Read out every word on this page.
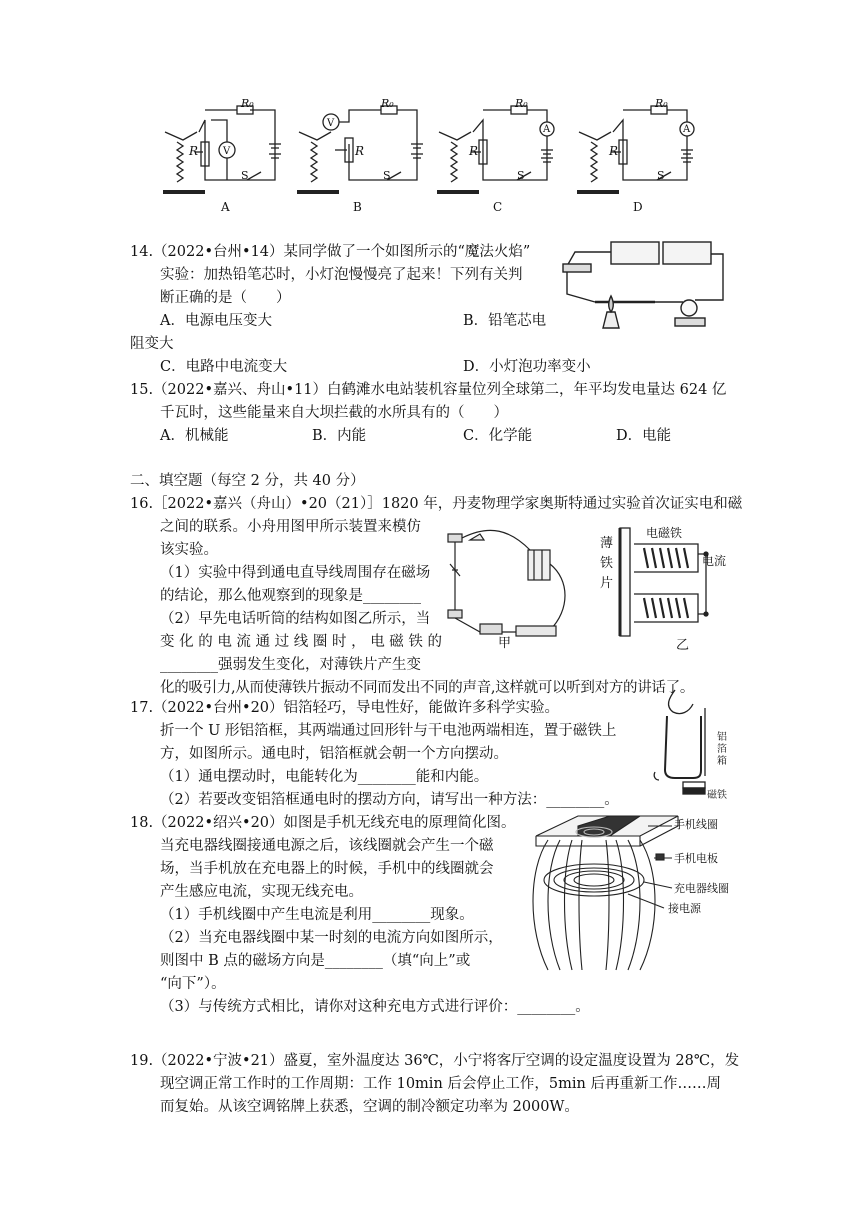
A	B	C	D
R₀	R₀	R₀	R₀
R	R	R	R
V
V
A	A
S	S	S	S
14.（2022•台州•14）某同学做了一个如图所示的“魔法火焰”
实验：加热铅笔芯时，小灯泡慢慢亮了起来！下列有关判
断正确的是（　　）
A．电源电压变大	B．铅笔芯电
阻变大
C．电路中电流变大	D．小灯泡功率变小
15.（2022•嘉兴、舟山•11）白鹤滩水电站装机容量位列全球第二，年平均发电量达 624 亿
千瓦时，这些能量来自大坝拦截的水所具有的（　　）
A．机械能	B．内能	C．化学能	D．电能
二、填空题（每空 2 分，共 40 分）
16.［2022•嘉兴（舟山）•20（21）］1820 年，丹麦物理学家奥斯特通过实验首次证实电和磁
之间的联系。小舟用图甲所示装置来模仿
该实验。
（1）实验中得到通电直导线周围存在磁场
的结论，那么他观察到的现象是________
（2）早先电话听筒的结构如图乙所示，当
变 化 的 电 流 通 过 线 圈 时 ， 电 磁 铁 的
________强弱发生变化，对薄铁片产生变
化的吸引力,从而使薄铁片振动不同而发出不同的声音,这样就可以听到对方的讲话了。
甲
薄
铁
片
电磁铁
电流
乙
17.（2022•台州•20）铝箔轻巧，导电性好，能做许多科学实验。
折一个 U 形铝箔框，其两端通过回形针与干电池两端相连，置于磁铁上
方，如图所示。通电时，铝箔框就会朝一个方向摆动。
（1）通电摆动时，电能转化为________能和内能。
（2）若要改变铝箔框通电时的摆动方向，请写出一种方法：________。
铝
箔
箱
磁铁
18.（2022•绍兴•20）如图是手机无线充电的原理简化图。
当充电器线圈接通电源之后，该线圈就会产生一个磁
场，当手机放在充电器上的时候，手机中的线圈就会
产生感应电流，实现无线充电。
（1）手机线圈中产生电流是利用________现象。
（2）当充电器线圈中某一时刻的电流方向如图所示，
则图中 B 点的磁场方向是________（填“向上”或
“向下”）。
（3）与传统方式相比，请你对这种充电方式进行评价：________。
手机线圈
手机电板
充电器线圈
接电源
19.（2022•宁波•21）盛夏，室外温度达 36℃，小宁将客厅空调的设定温度设置为 28℃，发
现空调正常工作时的工作周期：工作 10min 后会停止工作，5min 后再重新工作……周
而复始。从该空调铭牌上获悉，空调的制冷额定功率为 2000W。
